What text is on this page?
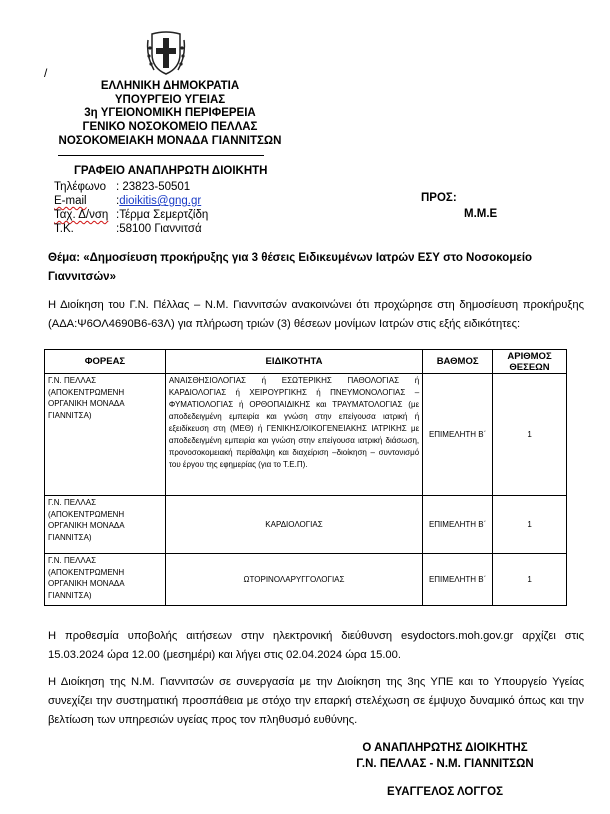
/
ΕΛΛΗΝΙΚΗ ΔΗΜΟΚΡΑΤΙΑ
ΥΠΟΥΡΓΕΙΟ ΥΓΕΙΑΣ
3η ΥΓΕΙΟΝΟΜΙΚΗ ΠΕΡΙΦΕΡΕΙΑ
ΓΕΝΙΚΟ ΝΟΣΟΚΟΜΕΙΟ ΠΕΛΛΑΣ
ΝΟΣΟΚΟΜΕΙΑΚΗ ΜΟΝΑΔΑ ΓΙΑΝΝΙΤΣΩΝ
ΓΡΑΦΕΙΟ ΑΝΑΠΛΗΡΩΤΗ ΔΙΟΙΚΗΤΗ
Τηλέφωνο : 23823-50501
E-mail	:dioikitis@gng.gr
Ταχ. Δ/νση :Τέρμα Σεμερτζίδη
Τ.Κ.	:58100 Γιαννιτσά
ΠΡΟΣ:
Μ.Μ.Ε
Θέμα: «Δημοσίευση προκήρυξης για 3 θέσεις Ειδικευμένων Ιατρών ΕΣΥ στο Νοσοκομείο Γιαννιτσών»
Η Διοίκηση του Γ.Ν. Πέλλας – Ν.Μ. Γιαννιτσών ανακοινώνει ότι προχώρησε στη δημοσίευση προκήρυξης (ΑΔΑ:Ψ6ΟΛ4690Β6-63Λ) για πλήρωση τριών (3) θέσεων μονίμων Ιατρών στις εξής ειδικότητες:
ΦΟΡΕΑΣ	ΕΙΔΙΚΟΤΗΤΑ	ΒΑΘΜΟΣ	ΑΡΙΘΜΟΣ ΘΕΣΕΩΝ
Γ.Ν. ΠΕΛΛΑΣ (ΑΠΟΚΕΝΤΡΩΜΕΝΗ ΟΡΓΑΝΙΚΗ ΜΟΝΑΔΑ ΓΙΑΝΝΙΤΣΑ)	ΑΝΑΙΣΘΗΣΙΟΛΟΓΙΑΣ ή ΕΣΩΤΕΡΙΚΗΣ ΠΑΘΟΛΟΓΙΑΣ ή ΚΑΡΔΙΟΛΟΓΙΑΣ ή ΧΕΙΡΟΥΡΓΙΚΗΣ ή ΠΝΕΥΜΟΝΟΛΟΓΙΑΣ – ΦΥΜΑΤΙΟΛΟΓΙΑΣ ή ΟΡΘΟΠΑΙΔΙΚΗΣ και ΤΡΑΥΜΑΤΟΛΟΓΙΑΣ (με αποδεδειγμένη εμπειρία και γνώση στην επείγουσα ιατρική ή εξειδίκευση στη (ΜΕΘ) ή ΓΕΝΙΚΗΣ/ΟΙΚΟΓΕΝΕΙΑΚΗΣ ΙΑΤΡΙΚΗΣ με αποδεδειγμένη εμπειρία και γνώση στην επείγουσα ιατρική διάσωση, προνοσοκομειακή περίθαλψη και διαχείριση –διοίκηση – συντονισμό του έργου της εφημερίας (για το Τ.Ε.Π).	ΕΠΙΜΕΛΗΤΗ Β΄	1
Γ.Ν. ΠΕΛΛΑΣ (ΑΠΟΚΕΝΤΡΩΜΕΝΗ ΟΡΓΑΝΙΚΗ ΜΟΝΑΔΑ ΓΙΑΝΝΙΤΣΑ)	ΚΑΡΔΙΟΛΟΓΙΑΣ	ΕΠΙΜΕΛΗΤΗ Β΄	1
Γ.Ν. ΠΕΛΛΑΣ (ΑΠΟΚΕΝΤΡΩΜΕΝΗ ΟΡΓΑΝΙΚΗ ΜΟΝΑΔΑ ΓΙΑΝΝΙΤΣΑ)	ΩΤΟΡΙΝΟΛΑΡΥΓΓΟΛΟΓΙΑΣ	ΕΠΙΜΕΛΗΤΗ Β΄	1
Η προθεσμία υποβολής αιτήσεων στην ηλεκτρονική διεύθυνση esydoctors.moh.gov.gr αρχίζει στις 15.03.2024 ώρα 12.00 (μεσημέρι) και λήγει στις 02.04.2024 ώρα 15.00.
Η Διοίκηση της Ν.Μ. Γιαννιτσών σε συνεργασία με την Διοίκηση της 3ης ΥΠΕ και το Υπουργείο Υγείας συνεχίζει την συστηματική προσπάθεια με στόχο την επαρκή στελέχωση σε έμψυχο δυναμικό όπως και την βελτίωση των υπηρεσιών υγείας προς τον πληθυσμό ευθύνης.
Ο ΑΝΑΠΛΗΡΩΤΗΣ ΔΙΟΙΚΗΤΗΣ
Γ.Ν. ΠΕΛΛΑΣ - Ν.Μ. ΓΙΑΝΝΙΤΣΩΝ
ΕΥΑΓΓΕΛΟΣ ΛΟΓΓΟΣ
